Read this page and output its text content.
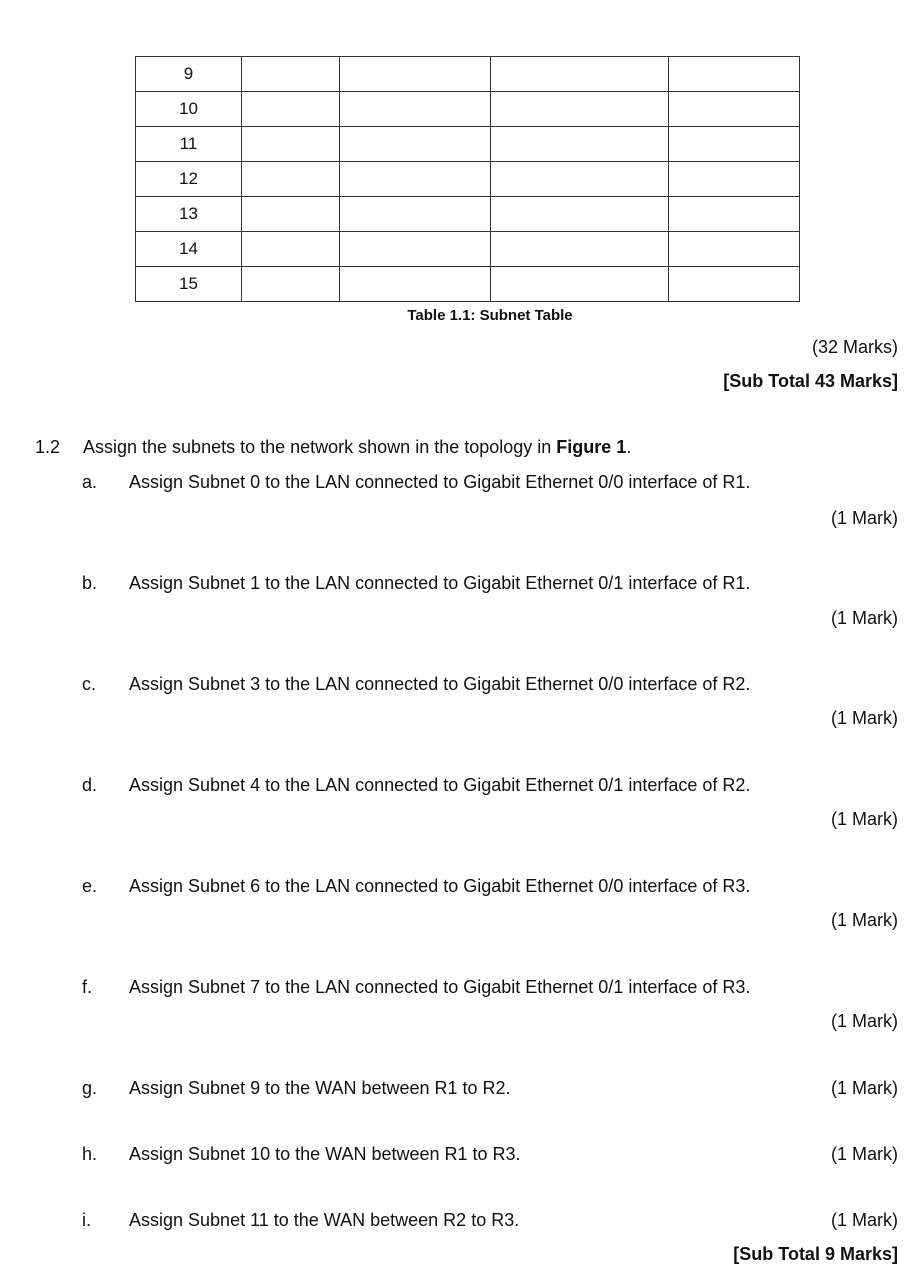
9				
10				
11				
12				
13				
14				
15				
Table 1.1: Subnet Table
(32 Marks)
[Sub Total 43 Marks]
1.2 Assign the subnets to the network shown in the topology in Figure 1.
a. Assign Subnet 0 to the LAN connected to Gigabit Ethernet 0/0 interface of R1.
(1 Mark)
b. Assign Subnet 1 to the LAN connected to Gigabit Ethernet 0/1 interface of R1.
(1 Mark)
c. Assign Subnet 3 to the LAN connected to Gigabit Ethernet 0/0 interface of R2.
(1 Mark)
d. Assign Subnet 4 to the LAN connected to Gigabit Ethernet 0/1 interface of R2.
(1 Mark)
e. Assign Subnet 6 to the LAN connected to Gigabit Ethernet 0/0 interface of R3.
(1 Mark)
f. Assign Subnet 7 to the LAN connected to Gigabit Ethernet 0/1 interface of R3.
(1 Mark)
g. Assign Subnet 9 to the WAN between R1 to R2.	(1 Mark)
h. Assign Subnet 10 to the WAN between R1 to R3.	(1 Mark)
i. Assign Subnet 11 to the WAN between R2 to R3.	(1 Mark)
[Sub Total 9 Marks]
